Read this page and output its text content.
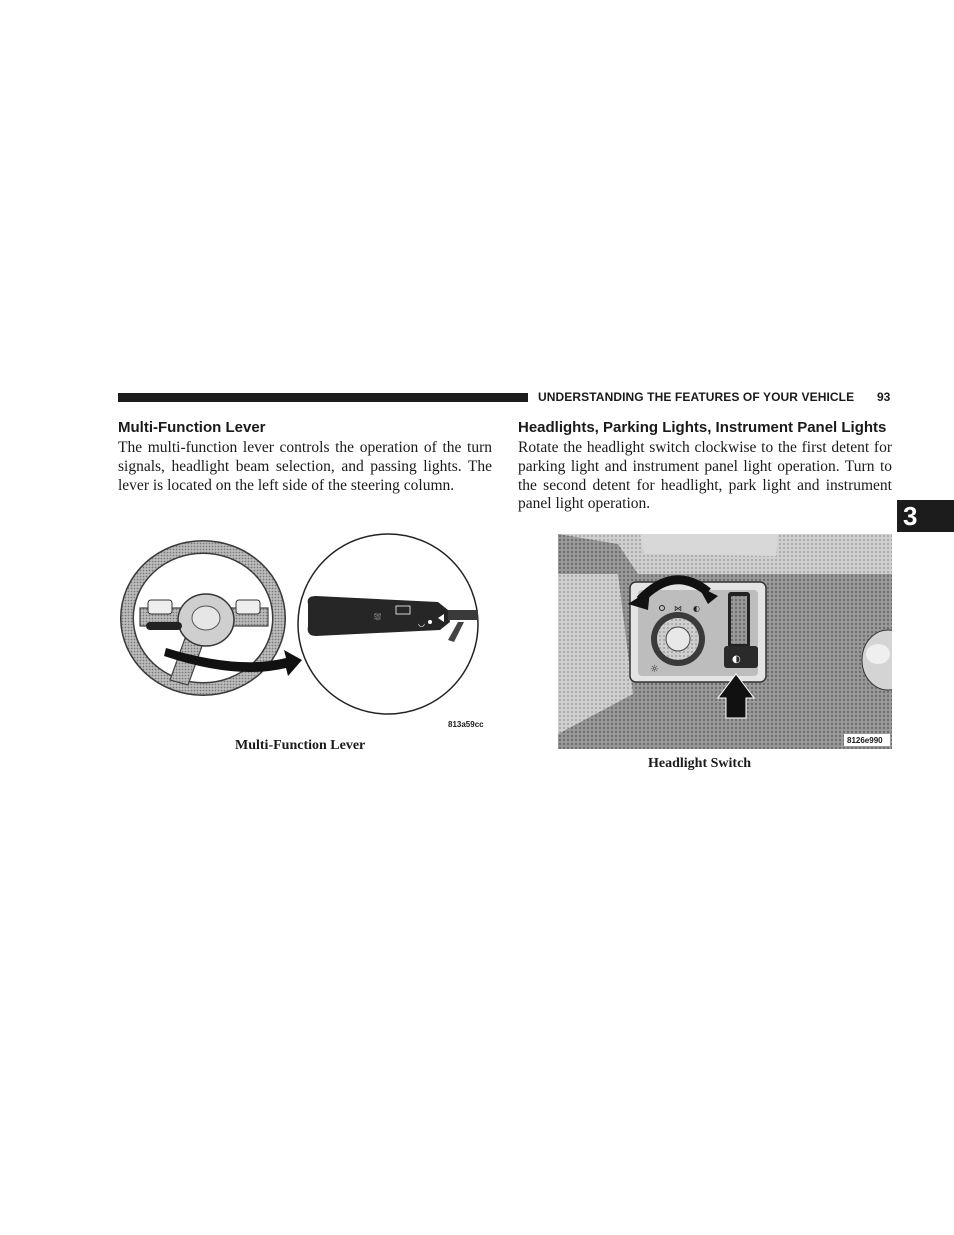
UNDERSTANDING THE FEATURES OF YOUR VEHICLE 93
3
Multi-Function Lever

The multi-function lever controls the operation of the turn signals, headlight beam selection, and passing lights. The lever is located on the left side of the steering column.

Headlights, Parking Lights, Instrument Panel Lights

Rotate the headlight switch clockwise to the first detent for parking light and instrument panel light operation. Turn to the second detent for headlight, park light and instrument panel light operation.

⛆
◡
813a59cc
Multi-Function Lever
◐
⋈ ◐
☼
8126e990
Headlight Switch
